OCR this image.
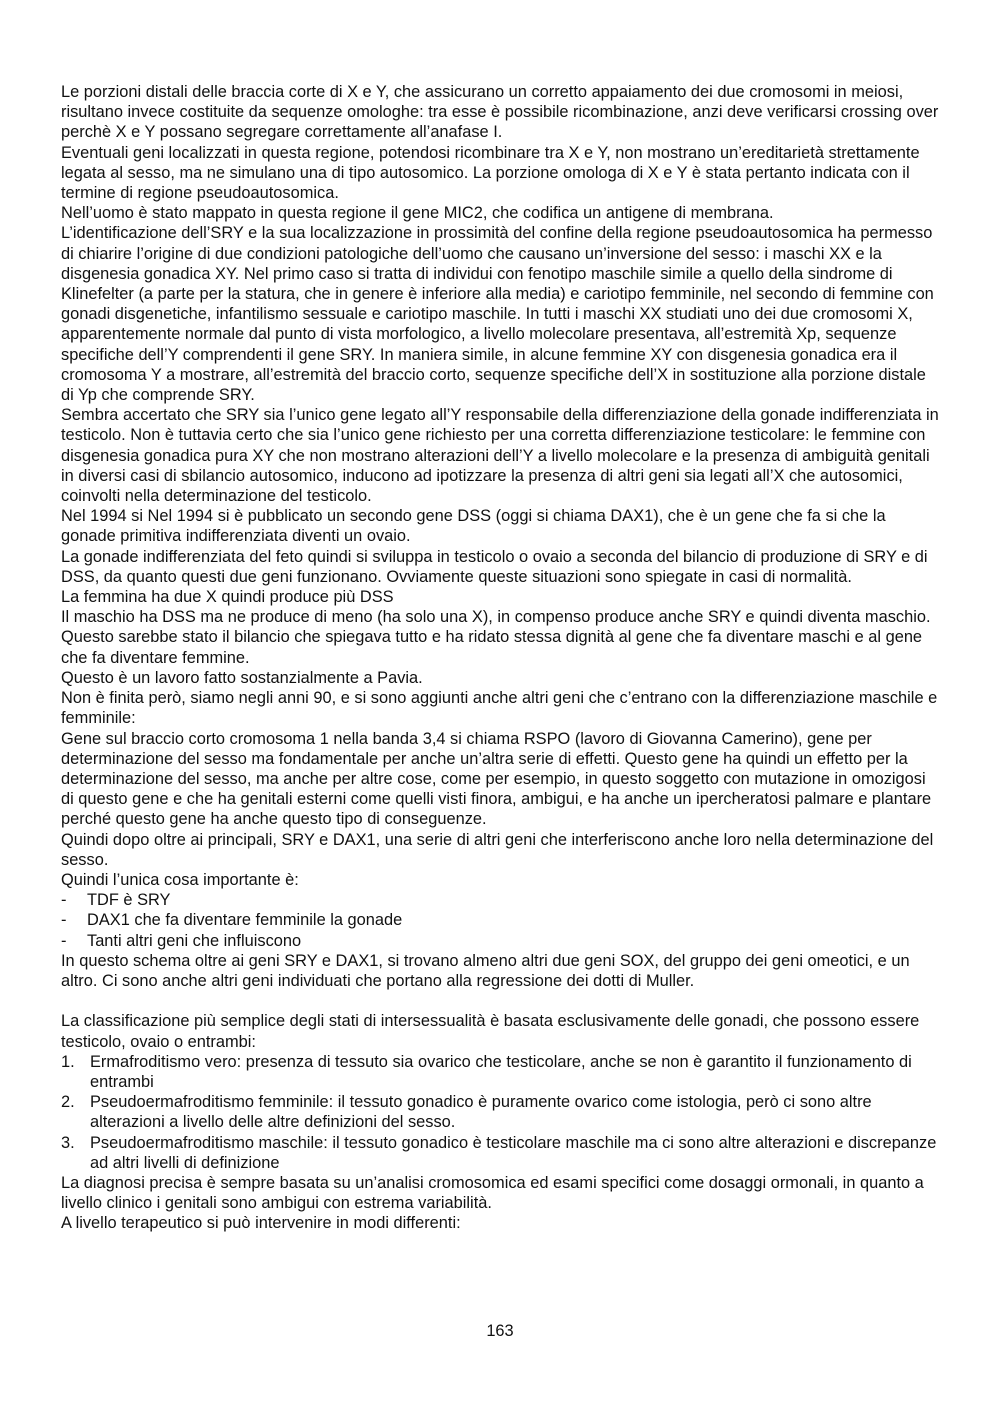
Le porzioni distali delle braccia corte di X e Y, che assicurano un corretto appaiamento dei due cromosomi in meiosi, risultano invece costituite da sequenze omologhe: tra esse è possibile ricombinazione, anzi deve verificarsi crossing over perchè X e Y possano segregare correttamente all’anafase I.

Eventuali geni localizzati in questa regione, potendosi ricombinare tra X e Y, non mostrano un’ereditarietà strettamente legata al sesso, ma ne simulano una di tipo autosomico. La porzione omologa di X e Y è stata pertanto indicata con il termine di regione pseudoautosomica.

Nell’uomo è stato mappato in questa regione il gene MIC2, che codifica un antigene di membrana.

L’identificazione dell’SRY e la sua localizzazione in prossimità del confine della regione pseudoautosomica ha permesso di chiarire l’origine di due condizioni patologiche dell’uomo che causano un’inversione del sesso: i maschi XX e la disgenesia gonadica XY. Nel primo caso si tratta di individui con fenotipo maschile simile a quello della sindrome di Klinefelter (a parte per la statura, che in genere è inferiore alla media) e cariotipo femminile, nel secondo di femmine con gonadi disgenetiche, infantilismo sessuale e cariotipo maschile. In tutti i maschi XX studiati uno dei due cromosomi X, apparentemente normale dal punto di vista morfologico, a livello molecolare presentava, all’estremità Xp, sequenze specifiche dell’Y comprendenti il gene SRY. In maniera simile, in alcune femmine XY con disgenesia gonadica era il cromosoma Y a mostrare, all’estremità del braccio corto, sequenze specifiche dell’X in sostituzione alla porzione distale di Yp che comprende SRY.

Sembra accertato che SRY sia l’unico gene legato all’Y responsabile della differenziazione della gonade indifferenziata in testicolo. Non è tuttavia certo che sia l’unico gene richiesto per una corretta differenziazione testicolare: le femmine con disgenesia gonadica pura XY che non mostrano alterazioni dell’Y a livello molecolare e la presenza di ambiguità genitali in diversi casi di sbilancio autosomico, inducono ad ipotizzare la presenza di altri geni sia legati all’X che autosomici, coinvolti nella determinazione del testicolo.

Nel 1994 si Nel 1994 si è pubblicato un secondo gene DSS (oggi si chiama DAX1), che è un gene che fa si che la gonade primitiva indifferenziata diventi un ovaio.

La gonade indifferenziata del feto quindi si sviluppa in testicolo o ovaio a seconda del bilancio di produzione di SRY e di DSS, da quanto questi due geni funzionano. Ovviamente queste situazioni sono spiegate in casi di normalità.

La femmina ha due X quindi produce più DSS

Il maschio ha DSS ma ne produce di meno (ha solo una X), in compenso produce anche SRY e quindi diventa maschio. Questo sarebbe stato il bilancio che spiegava tutto e ha ridato stessa dignità al gene che fa diventare maschi e al gene che fa diventare femmine.

Questo è un lavoro fatto sostanzialmente a Pavia.

Non è finita però, siamo negli anni 90, e si sono aggiunti anche altri geni che c’entrano con la differenziazione maschile e femminile:

Gene sul braccio corto cromosoma 1 nella banda 3,4 si chiama RSPO (lavoro di Giovanna Camerino), gene per determinazione del sesso ma fondamentale per anche un’altra serie di effetti. Questo gene ha quindi un effetto per la determinazione del sesso, ma anche per altre cose, come per esempio, in questo soggetto con mutazione in omozigosi di questo gene e che ha genitali esterni come quelli visti finora, ambigui, e ha anche un ipercheratosi palmare e plantare perché questo gene ha anche questo tipo di conseguenze.

Quindi dopo oltre ai principali, SRY e DAX1, una serie di altri geni che interferiscono anche loro nella determinazione del sesso.

Quindi l’unica cosa importante è:

- TDF è SRY
- DAX1 che fa diventare femminile la gonade
- Tanti altri geni che influiscono

In questo schema oltre ai geni SRY e DAX1, si trovano almeno altri due geni SOX, del gruppo dei geni omeotici, e un altro. Ci sono anche altri geni individuati che portano alla regressione dei dotti di Muller.

La classificazione più semplice degli stati di intersessualità è basata esclusivamente delle gonadi, che possono essere testicolo, ovaio o entrambi:

1. Ermafroditismo vero: presenza di tessuto sia ovarico che testicolare, anche se non è garantito il funzionamento di entrambi
2. Pseudoermafroditismo femminile: il tessuto gonadico è puramente ovarico come istologia, però ci sono altre alterazioni a livello delle altre definizioni del sesso.
3. Pseudoermafroditismo maschile: il tessuto gonadico è testicolare maschile ma ci sono altre alterazioni e discrepanze ad altri livelli di definizione

La diagnosi precisa è sempre basata su un’analisi cromosomica ed esami specifici come dosaggi ormonali, in quanto a livello clinico i genitali sono ambigui con estrema variabilità.

A livello terapeutico si può intervenire in modi differenti:

163
